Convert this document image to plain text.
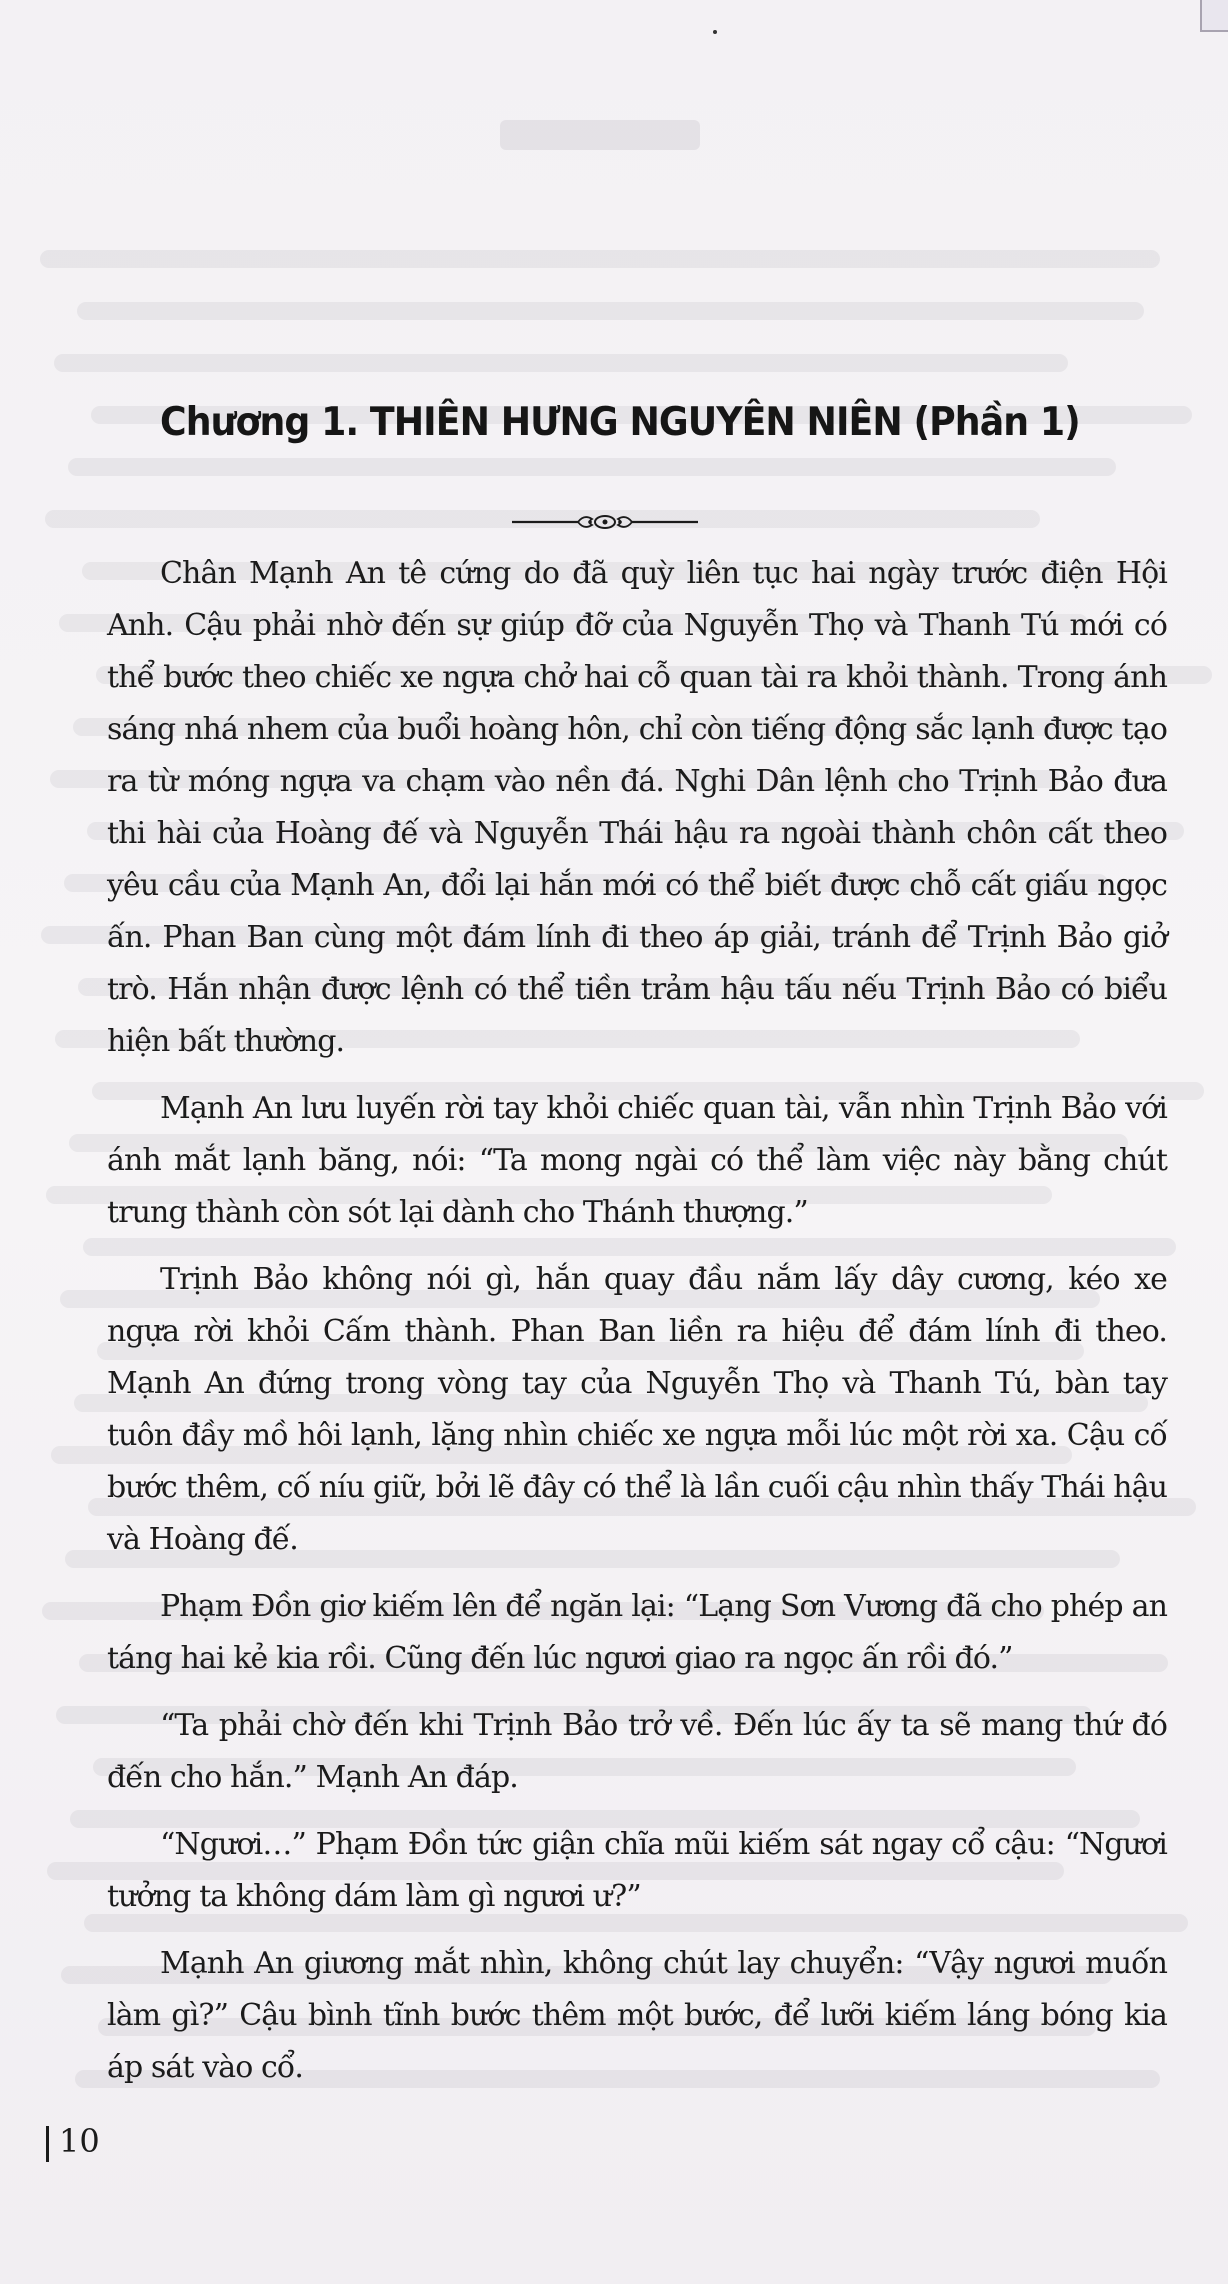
Chương 1. THIÊN HƯNG NGUYÊN NIÊN (Phần 1)

Chân Mạnh An tê cứng do đã quỳ liên tục hai ngày trước điện Hội Anh. Cậu phải nhờ đến sự giúp đỡ của Nguyễn Thọ và Thanh Tú mới có thể bước theo chiếc xe ngựa chở hai cỗ quan tài ra khỏi thành. Trong ánh sáng nhá nhem của buổi hoàng hôn, chỉ còn tiếng động sắc lạnh được tạo ra từ móng ngựa va chạm vào nền đá. Nghi Dân lệnh cho Trịnh Bảo đưa thi hài của Hoàng đế và Nguyễn Thái hậu ra ngoài thành chôn cất theo yêu cầu của Mạnh An, đổi lại hắn mới có thể biết được chỗ cất giấu ngọc ấn. Phan Ban cùng một đám lính đi theo áp giải, tránh để Trịnh Bảo giở trò. Hắn nhận được lệnh có thể tiền trảm hậu tấu nếu Trịnh Bảo có biểu hiện bất thường.

Mạnh An lưu luyến rời tay khỏi chiếc quan tài, vẫn nhìn Trịnh Bảo với ánh mắt lạnh băng, nói: “Ta mong ngài có thể làm việc này bằng chút trung thành còn sót lại dành cho Thánh thượng.”

Trịnh Bảo không nói gì, hắn quay đầu nắm lấy dây cương, kéo xe ngựa rời khỏi Cấm thành. Phan Ban liền ra hiệu để đám lính đi theo. Mạnh An đứng trong vòng tay của Nguyễn Thọ và Thanh Tú, bàn tay tuôn đầy mồ hôi lạnh, lặng nhìn chiếc xe ngựa mỗi lúc một rời xa. Cậu cố bước thêm, cố níu giữ, bởi lẽ đây có thể là lần cuối cậu nhìn thấy Thái hậu và Hoàng đế.

Phạm Đồn giơ kiếm lên để ngăn lại: “Lạng Sơn Vương đã cho phép an táng hai kẻ kia rồi. Cũng đến lúc ngươi giao ra ngọc ấn rồi đó.”

“Ta phải chờ đến khi Trịnh Bảo trở về. Đến lúc ấy ta sẽ mang thứ đó đến cho hắn.” Mạnh An đáp.

“Ngươi…” Phạm Đồn tức giận chĩa mũi kiếm sát ngay cổ cậu: “Ngươi tưởng ta không dám làm gì ngươi ư?”

Mạnh An giương mắt nhìn, không chút lay chuyển: “Vậy ngươi muốn làm gì?” Cậu bình tĩnh bước thêm một bước, để lưỡi kiếm láng bóng kia áp sát vào cổ.

10
